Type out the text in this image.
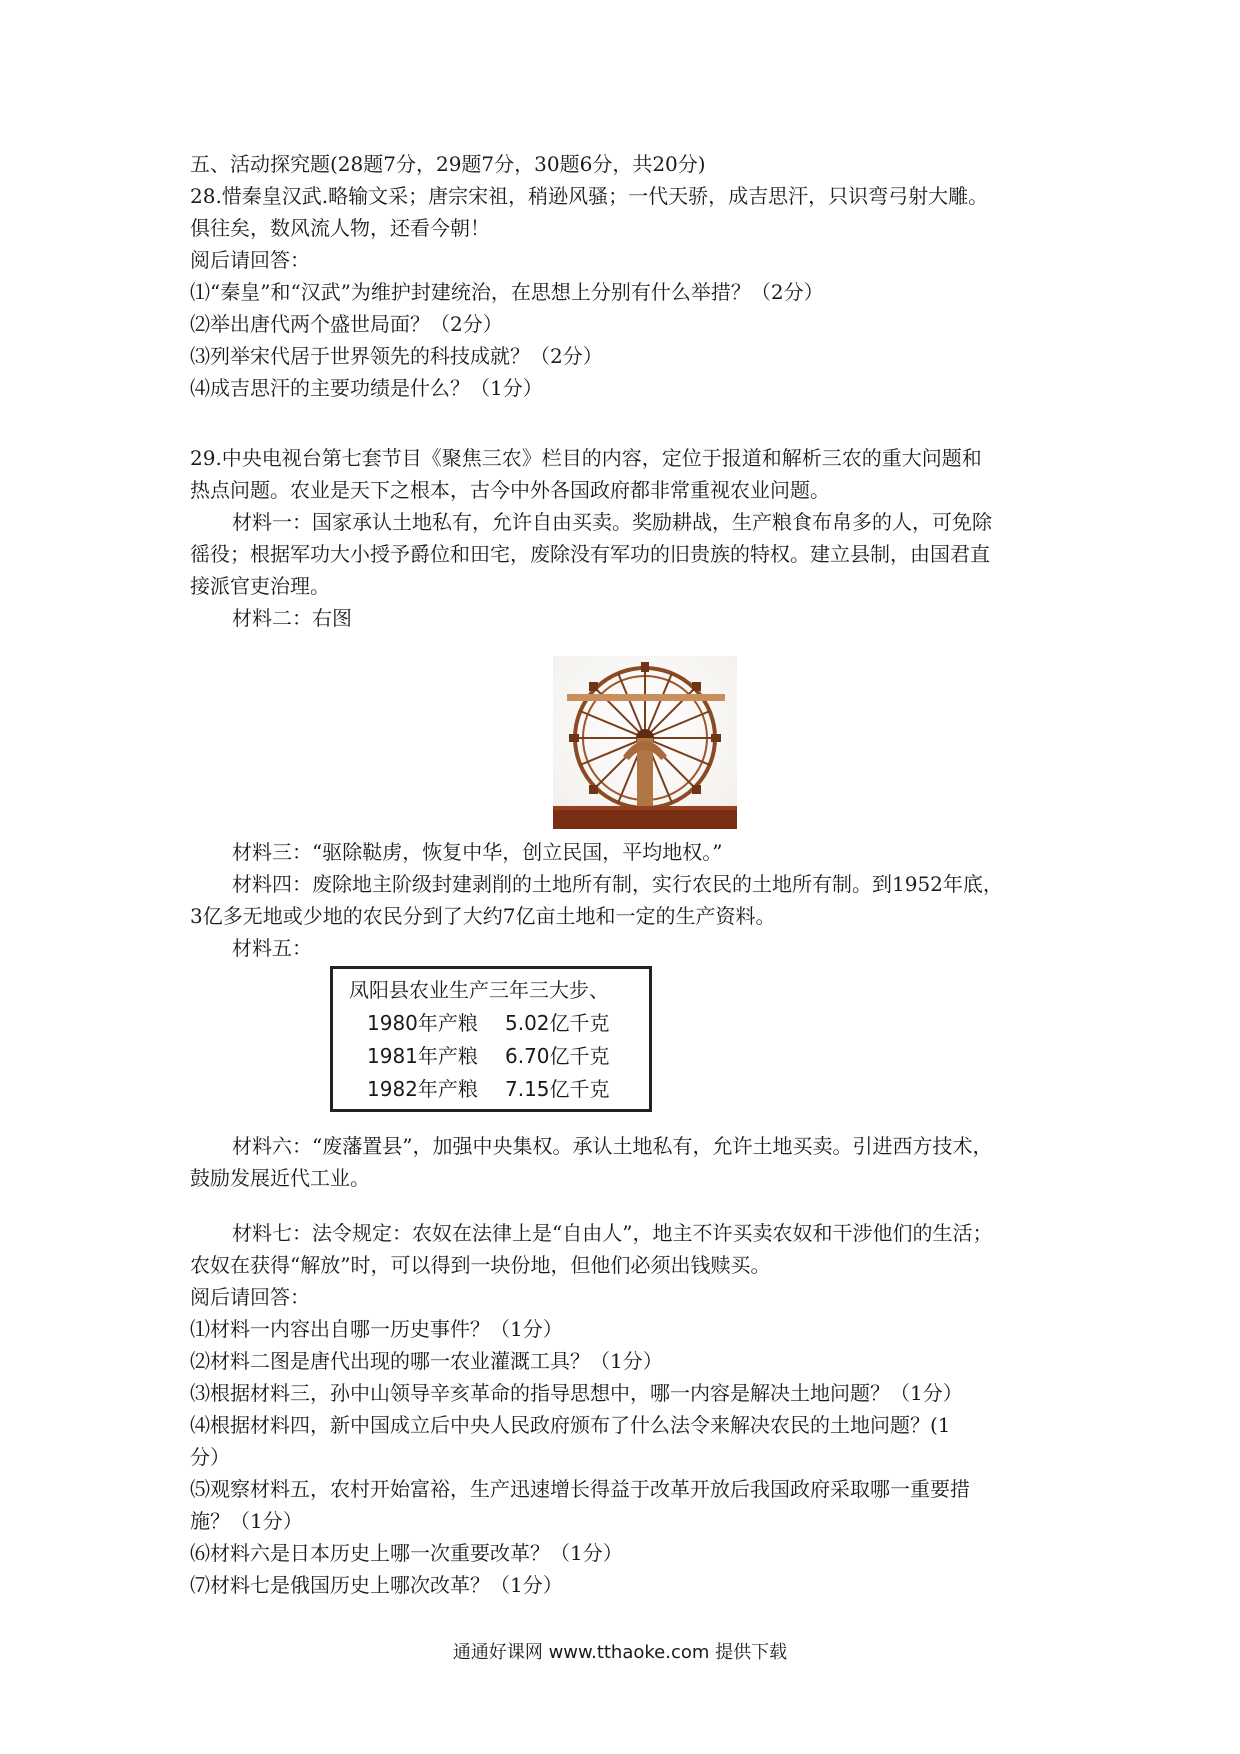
五、活动探究题(28题7分，29题7分，30题6分，共20分)
28.惜秦皇汉武.略输文采；唐宗宋祖，稍逊风骚；一代天骄，成吉思汗，只识弯弓射大雕。
俱往矣，数风流人物，还看今朝！
阅后请回答：
⑴“秦皇”和“汉武”为维护封建统治，在思想上分别有什么举措？（2分）
⑵举出唐代两个盛世局面？（2分）
⑶列举宋代居于世界领先的科技成就？（2分）
⑷成吉思汗的主要功绩是什么？（1分）
29.中央电视台第七套节目《聚焦三农》栏目的内容，定位于报道和解析三农的重大问题和
热点问题。农业是天下之根本，古今中外各国政府都非常重视农业问题。
材料一：国家承认土地私有，允许自由买卖。奖励耕战，生产粮食布帛多的人，可免除
徭役；根据军功大小授予爵位和田宅，废除没有军功的旧贵族的特权。建立县制，由国君直
接派官吏治理。
材料二：右图
材料三：“驱除鞑虏，恢复中华，创立民国，平均地权。”
材料四：废除地主阶级封建剥削的土地所有制，实行农民的土地所有制。到1952年底，
3亿多无地或少地的农民分到了大约7亿亩土地和一定的生产资料。
材料五：
凤阳县农业生产三年三大步、
1980年产粮 5.02亿千克
1981年产粮 6.70亿千克
1982年产粮 7.15亿千克
材料六：“废藩置县”，加强中央集权。承认土地私有，允许土地买卖。引进西方技术，
鼓励发展近代工业。
材料七：法令规定：农奴在法律上是“自由人”，地主不许买卖农奴和干涉他们的生活；
农奴在获得“解放”时，可以得到一块份地，但他们必须出钱赎买。
阅后请回答：
⑴材料一内容出自哪一历史事件？（1分）
⑵材料二图是唐代出现的哪一农业灌溉工具？（1分）
⑶根据材料三，孙中山领导辛亥革命的指导思想中，哪一内容是解决土地问题？（1分）
⑷根据材料四，新中国成立后中央人民政府颁布了什么法令来解决农民的土地问题？(1
分）
⑸观察材料五，农村开始富裕，生产迅速增长得益于改革开放后我国政府采取哪一重要措
施？（1分）
⑹材料六是日本历史上哪一次重要改革？（1分）
⑺材料七是俄国历史上哪次改革？（1分）
通通好课网 www.tthaoke.com 提供下载
